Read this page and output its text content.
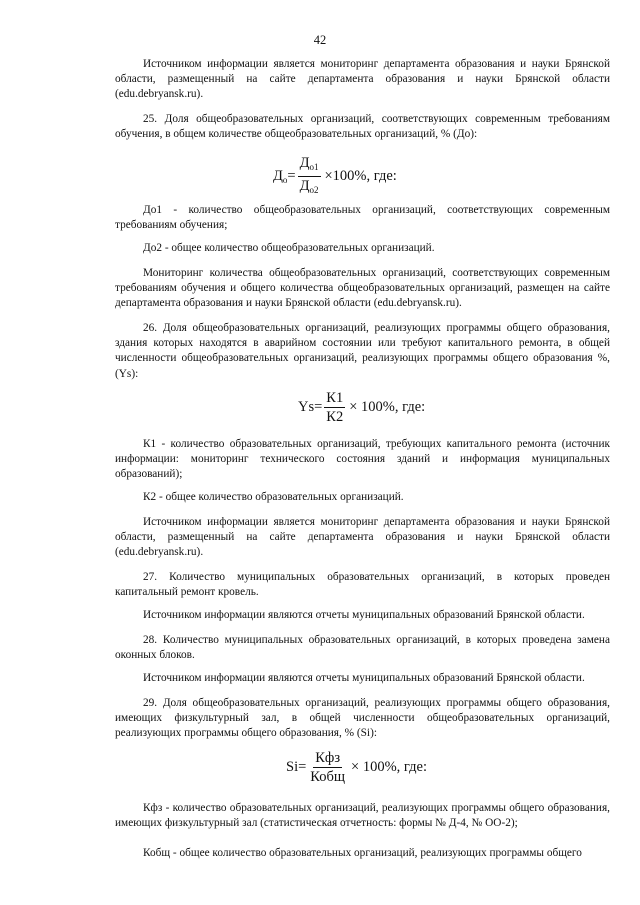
42

Источником информации является мониторинг департамента образования и науки Брянской области, размещенный на сайте департамента образования и науки Брянской области (edu.debryansk.ru).

25. Доля общеобразовательных организаций, соответствующих современным требованиям обучения, в общем количестве общеобразовательных организаций, % (До):

$Д_о = \frac{Д_{о1}}{Д_{о2}} \times 100\%$, где:

До1 - количество общеобразовательных организаций, соответствующих современным требованиям обучения;

До2 - общее количество общеобразовательных организаций.

Мониторинг количества общеобразовательных организаций, соответствующих современным требованиям обучения и общего количества общеобразовательных организаций, размещен на сайте департамента образования и науки Брянской области (edu.debryansk.ru).

26. Доля общеобразовательных организаций, реализующих программы общего образования, здания которых находятся в аварийном состоянии или требуют капитального ремонта, в общей численности общеобразовательных организаций, реализующих программы общего образования %, (Ys):

$Ys= \frac{К1}{К2} \times 100\%$, где:

К1 - количество образовательных организаций, требующих капитального ремонта (источник информации: мониторинг технического состояния зданий и информация муниципальных образований);

К2 - общее количество образовательных организаций.

Источником информации является мониторинг департамента образования и науки Брянской области, размещенный на сайте департамента образования и науки Брянской области (edu.debryansk.ru).

27. Количество муниципальных образовательных организаций, в которых проведен капитальный ремонт кровель.

Источником информации являются отчеты муниципальных образований Брянской области.

28. Количество муниципальных образовательных организаций, в которых проведена замена оконных блоков.

Источником информации являются отчеты муниципальных образований Брянской области.

29. Доля общеобразовательных организаций, реализующих программы общего образования, имеющих физкультурный зал, в общей численности общеобразовательных организаций, реализующих программы общего образования, % (Si):

$Si= \frac{\text{Кфз}}{\text{Кобщ}} \times 100\%$, где:

Кфз - количество образовательных организаций, реализующих программы общего образования, имеющих физкультурный зал (статистическая отчетность: формы № Д-4, № ОО-2);

Кобщ - общее количество образовательных организаций, реализующих программы общего
